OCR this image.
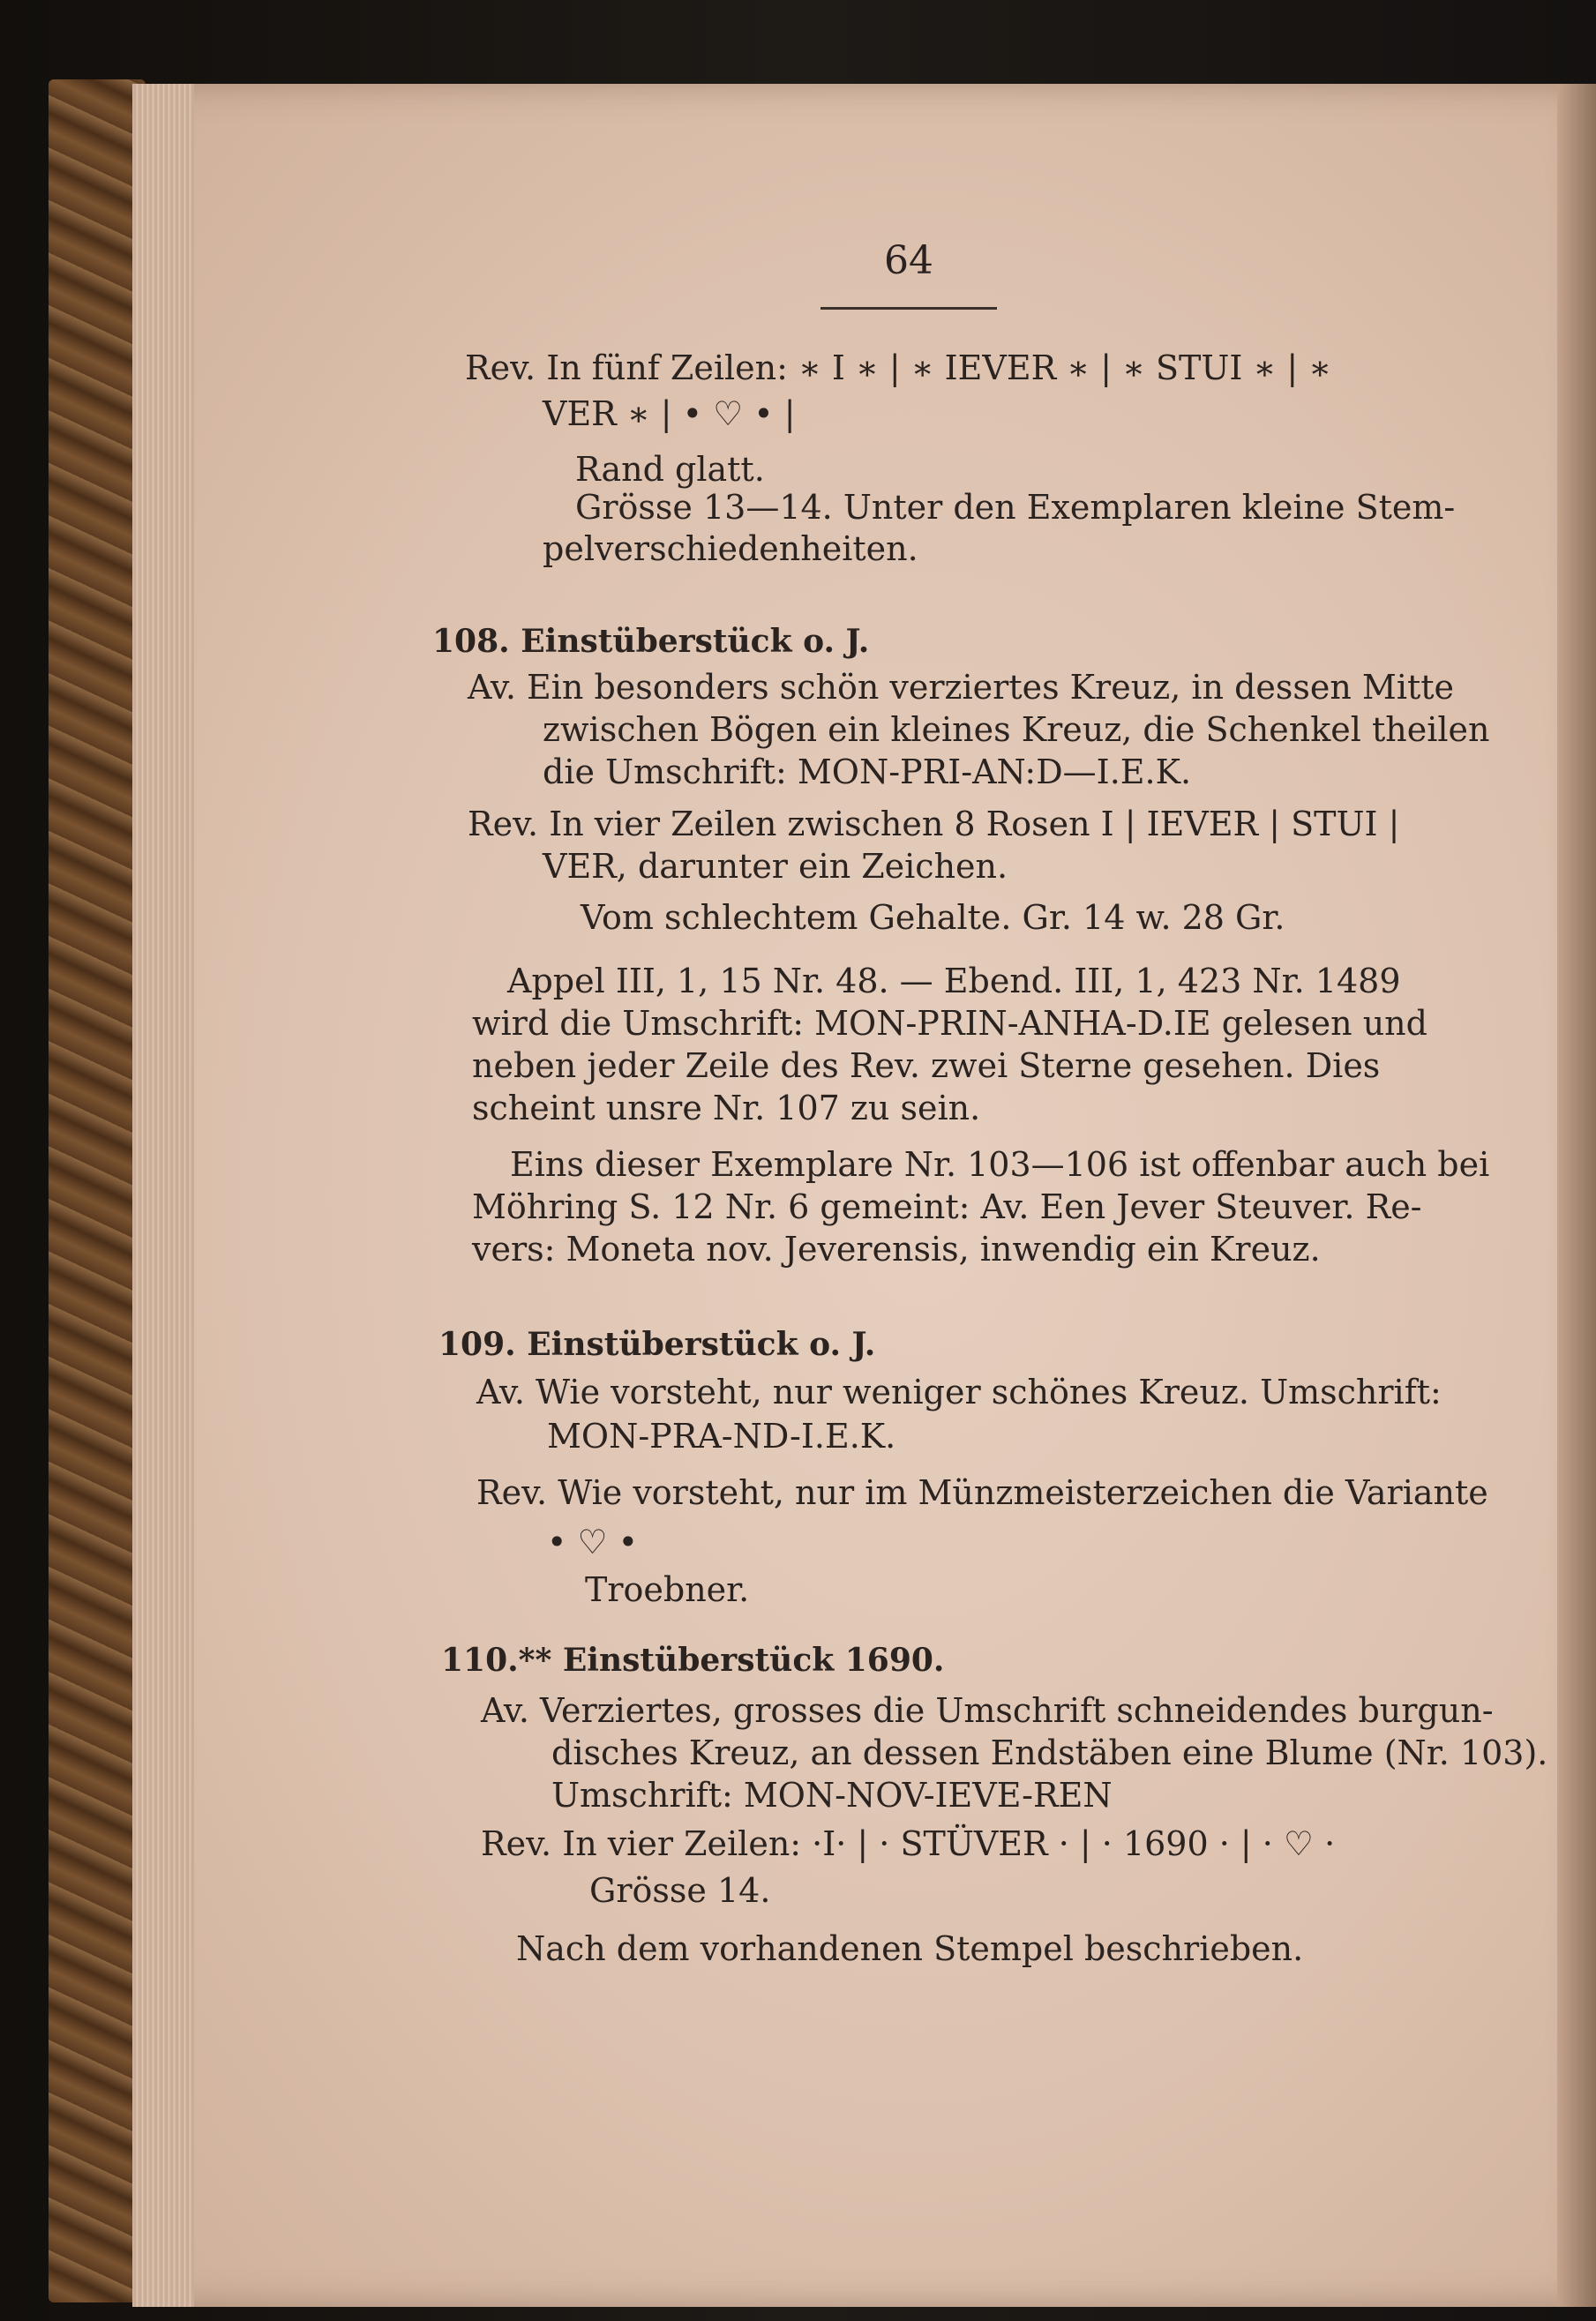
64
Rev. In fünf Zeilen: ∗ I ∗ | ∗ IEVER ∗ | ∗ STUI ∗ | ∗
VER ∗ | • ♡ • |
Rand glatt.
Grösse 13—14. Unter den Exemplaren kleine Stem-
pelverschiedenheiten.
108. Einstüberstück o. J.
Av. Ein besonders schön verziertes Kreuz, in dessen Mitte
zwischen Bögen ein kleines Kreuz, die Schenkel theilen
die Umschrift: MON-PRI-AN:D—I.E.K.
Rev. In vier Zeilen zwischen 8 Rosen I | IEVER | STUI |
VER, darunter ein Zeichen.
Vom schlechtem Gehalte. Gr. 14 w. 28 Gr.
Appel III, 1, 15 Nr. 48. — Ebend. III, 1, 423 Nr. 1489
wird die Umschrift: MON-PRIN-ANHA-D.IE gelesen und
neben jeder Zeile des Rev. zwei Sterne gesehen. Dies
scheint unsre Nr. 107 zu sein.
Eins dieser Exemplare Nr. 103—106 ist offenbar auch bei
Möhring S. 12 Nr. 6 gemeint: Av. Een Jever Steuver. Re-
vers: Moneta nov. Jeverensis, inwendig ein Kreuz.
109. Einstüberstück o. J.
Av. Wie vorsteht, nur weniger schönes Kreuz. Umschrift:
MON-PRA-ND-I.E.K.
Rev. Wie vorsteht, nur im Münzmeisterzeichen die Variante
• ♡ •
Troebner.
110.** Einstüberstück 1690.
Av. Verziertes, grosses die Umschrift schneidendes burgun-
disches Kreuz, an dessen Endstäben eine Blume (Nr. 103).
Umschrift: MON-NOV-IEVE-REN
Rev. In vier Zeilen: ·I· | · STÜVER · | · 1690 · | · ♡ ·
Grösse 14.
Nach dem vorhandenen Stempel beschrieben.
